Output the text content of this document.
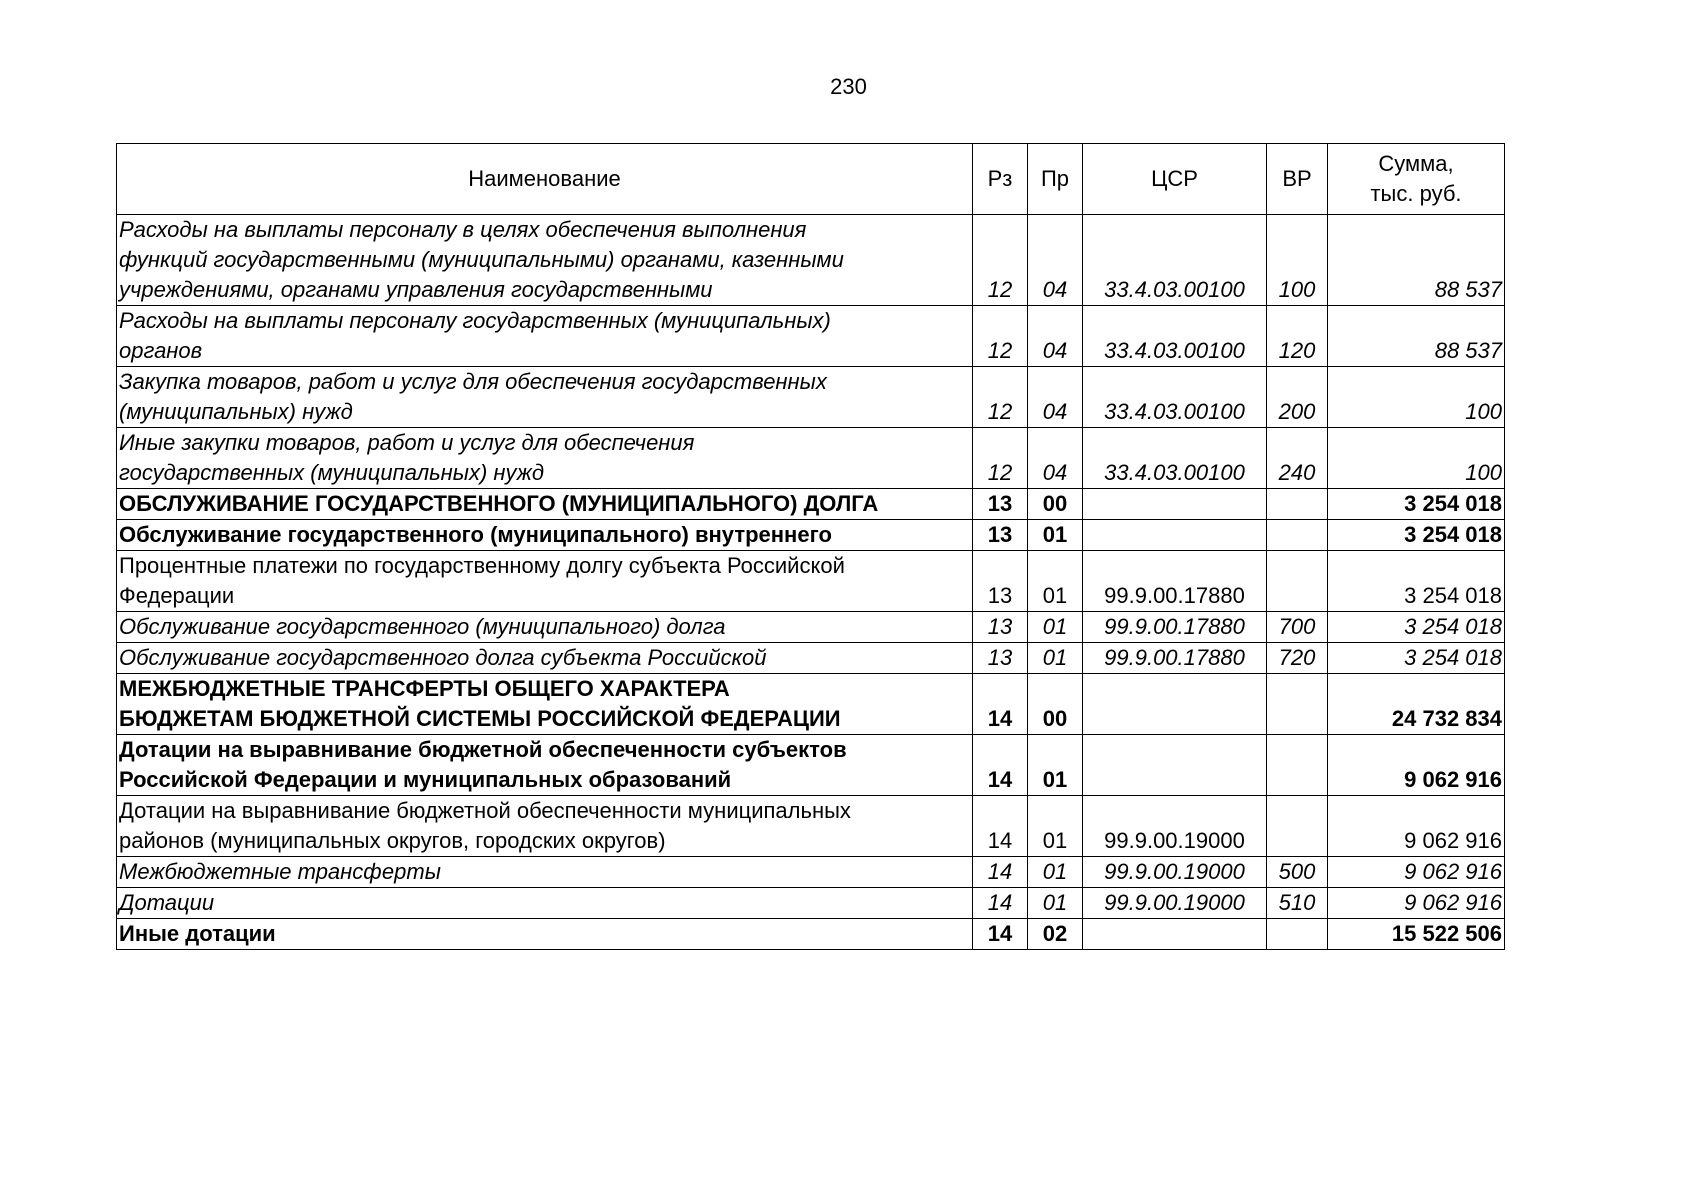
230
Наименование	Рз	Пр	ЦСР	ВР	Сумма,
тыс. руб.

Расходы на выплаты персоналу в целях обеспечения выполнения
функций государственными (муниципальными) органами, казенными
учреждениями, органами управления государственными	12	04	33.4.03.00100	100	88 537

Расходы на выплаты персоналу государственных (муниципальных)
органов	12	04	33.4.03.00100	120	88 537

Закупка товаров, работ и услуг для обеспечения государственных
(муниципальных) нужд	12	04	33.4.03.00100	200	100

Иные закупки товаров, работ и услуг для обеспечения
государственных (муниципальных) нужд	12	04	33.4.03.00100	240	100

ОБСЛУЖИВАНИЕ ГОСУДАРСТВЕННОГО (МУНИЦИПАЛЬНОГО) ДОЛГА	13	00			3 254 018

Обслуживание государственного (муниципального) внутреннего	13	01			3 254 018

Процентные платежи по государственному долгу субъекта Российской
Федерации	13	01	99.9.00.17880		3 254 018

Обслуживание государственного (муниципального) долга	13	01	99.9.00.17880	700	3 254 018

Обслуживание государственного долга субъекта Российской	13	01	99.9.00.17880	720	3 254 018

МЕЖБЮДЖЕТНЫЕ ТРАНСФЕРТЫ ОБЩЕГО ХАРАКТЕРА
БЮДЖЕТАМ БЮДЖЕТНОЙ СИСТЕМЫ РОССИЙСКОЙ ФЕДЕРАЦИИ	14	00			24 732 834

Дотации на выравнивание бюджетной обеспеченности субъектов
Российской Федерации и муниципальных образований	14	01			9 062 916

Дотации на выравнивание бюджетной обеспеченности муниципальных
районов (муниципальных округов, городских округов)	14	01	99.9.00.19000		9 062 916

Межбюджетные трансферты	14	01	99.9.00.19000	500	9 062 916

Дотации	14	01	99.9.00.19000	510	9 062 916

Иные дотации	14	02			15 522 506
